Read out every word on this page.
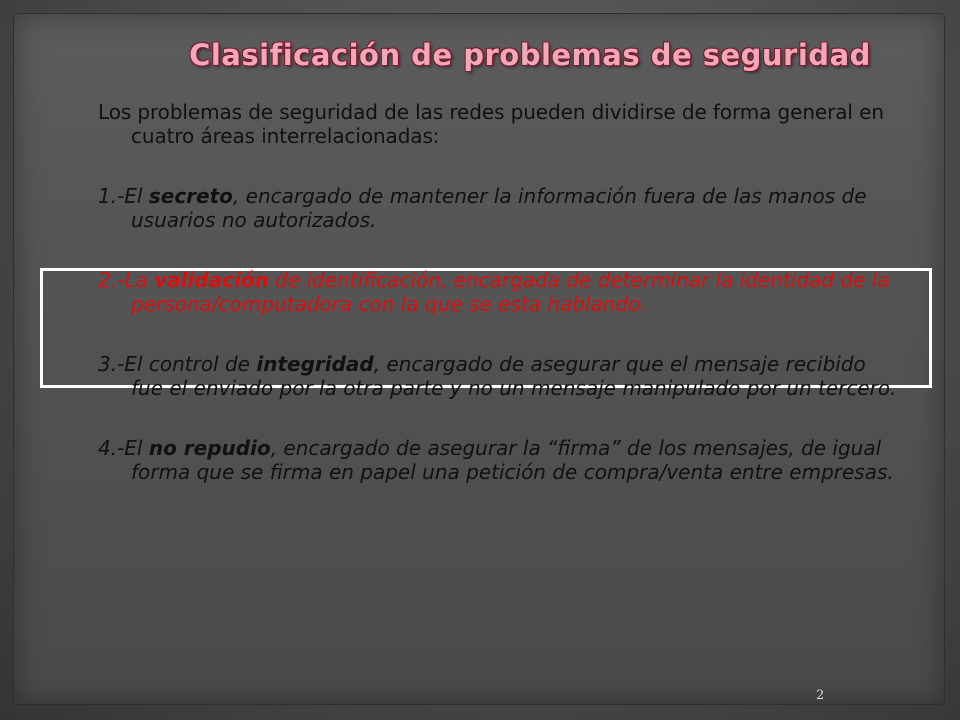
Clasificación de problemas de seguridad

Los problemas de seguridad de las redes pueden dividirse de forma general en cuatro áreas interrelacionadas:

1.-El secreto, encargado de mantener la información fuera de las manos de usuarios no autorizados.

2.-La validación de identificación, encargada de determinar la identidad de la persona/computadora con la que se esta hablando.

3.-El control de integridad, encargado de asegurar que el mensaje recibido fue el enviado por la otra parte y no un mensaje manipulado por un tercero.

4.-El no repudio, encargado de asegurar la “firma” de los mensajes, de igual forma que se firma en papel una petición de compra/venta entre empresas.

2
